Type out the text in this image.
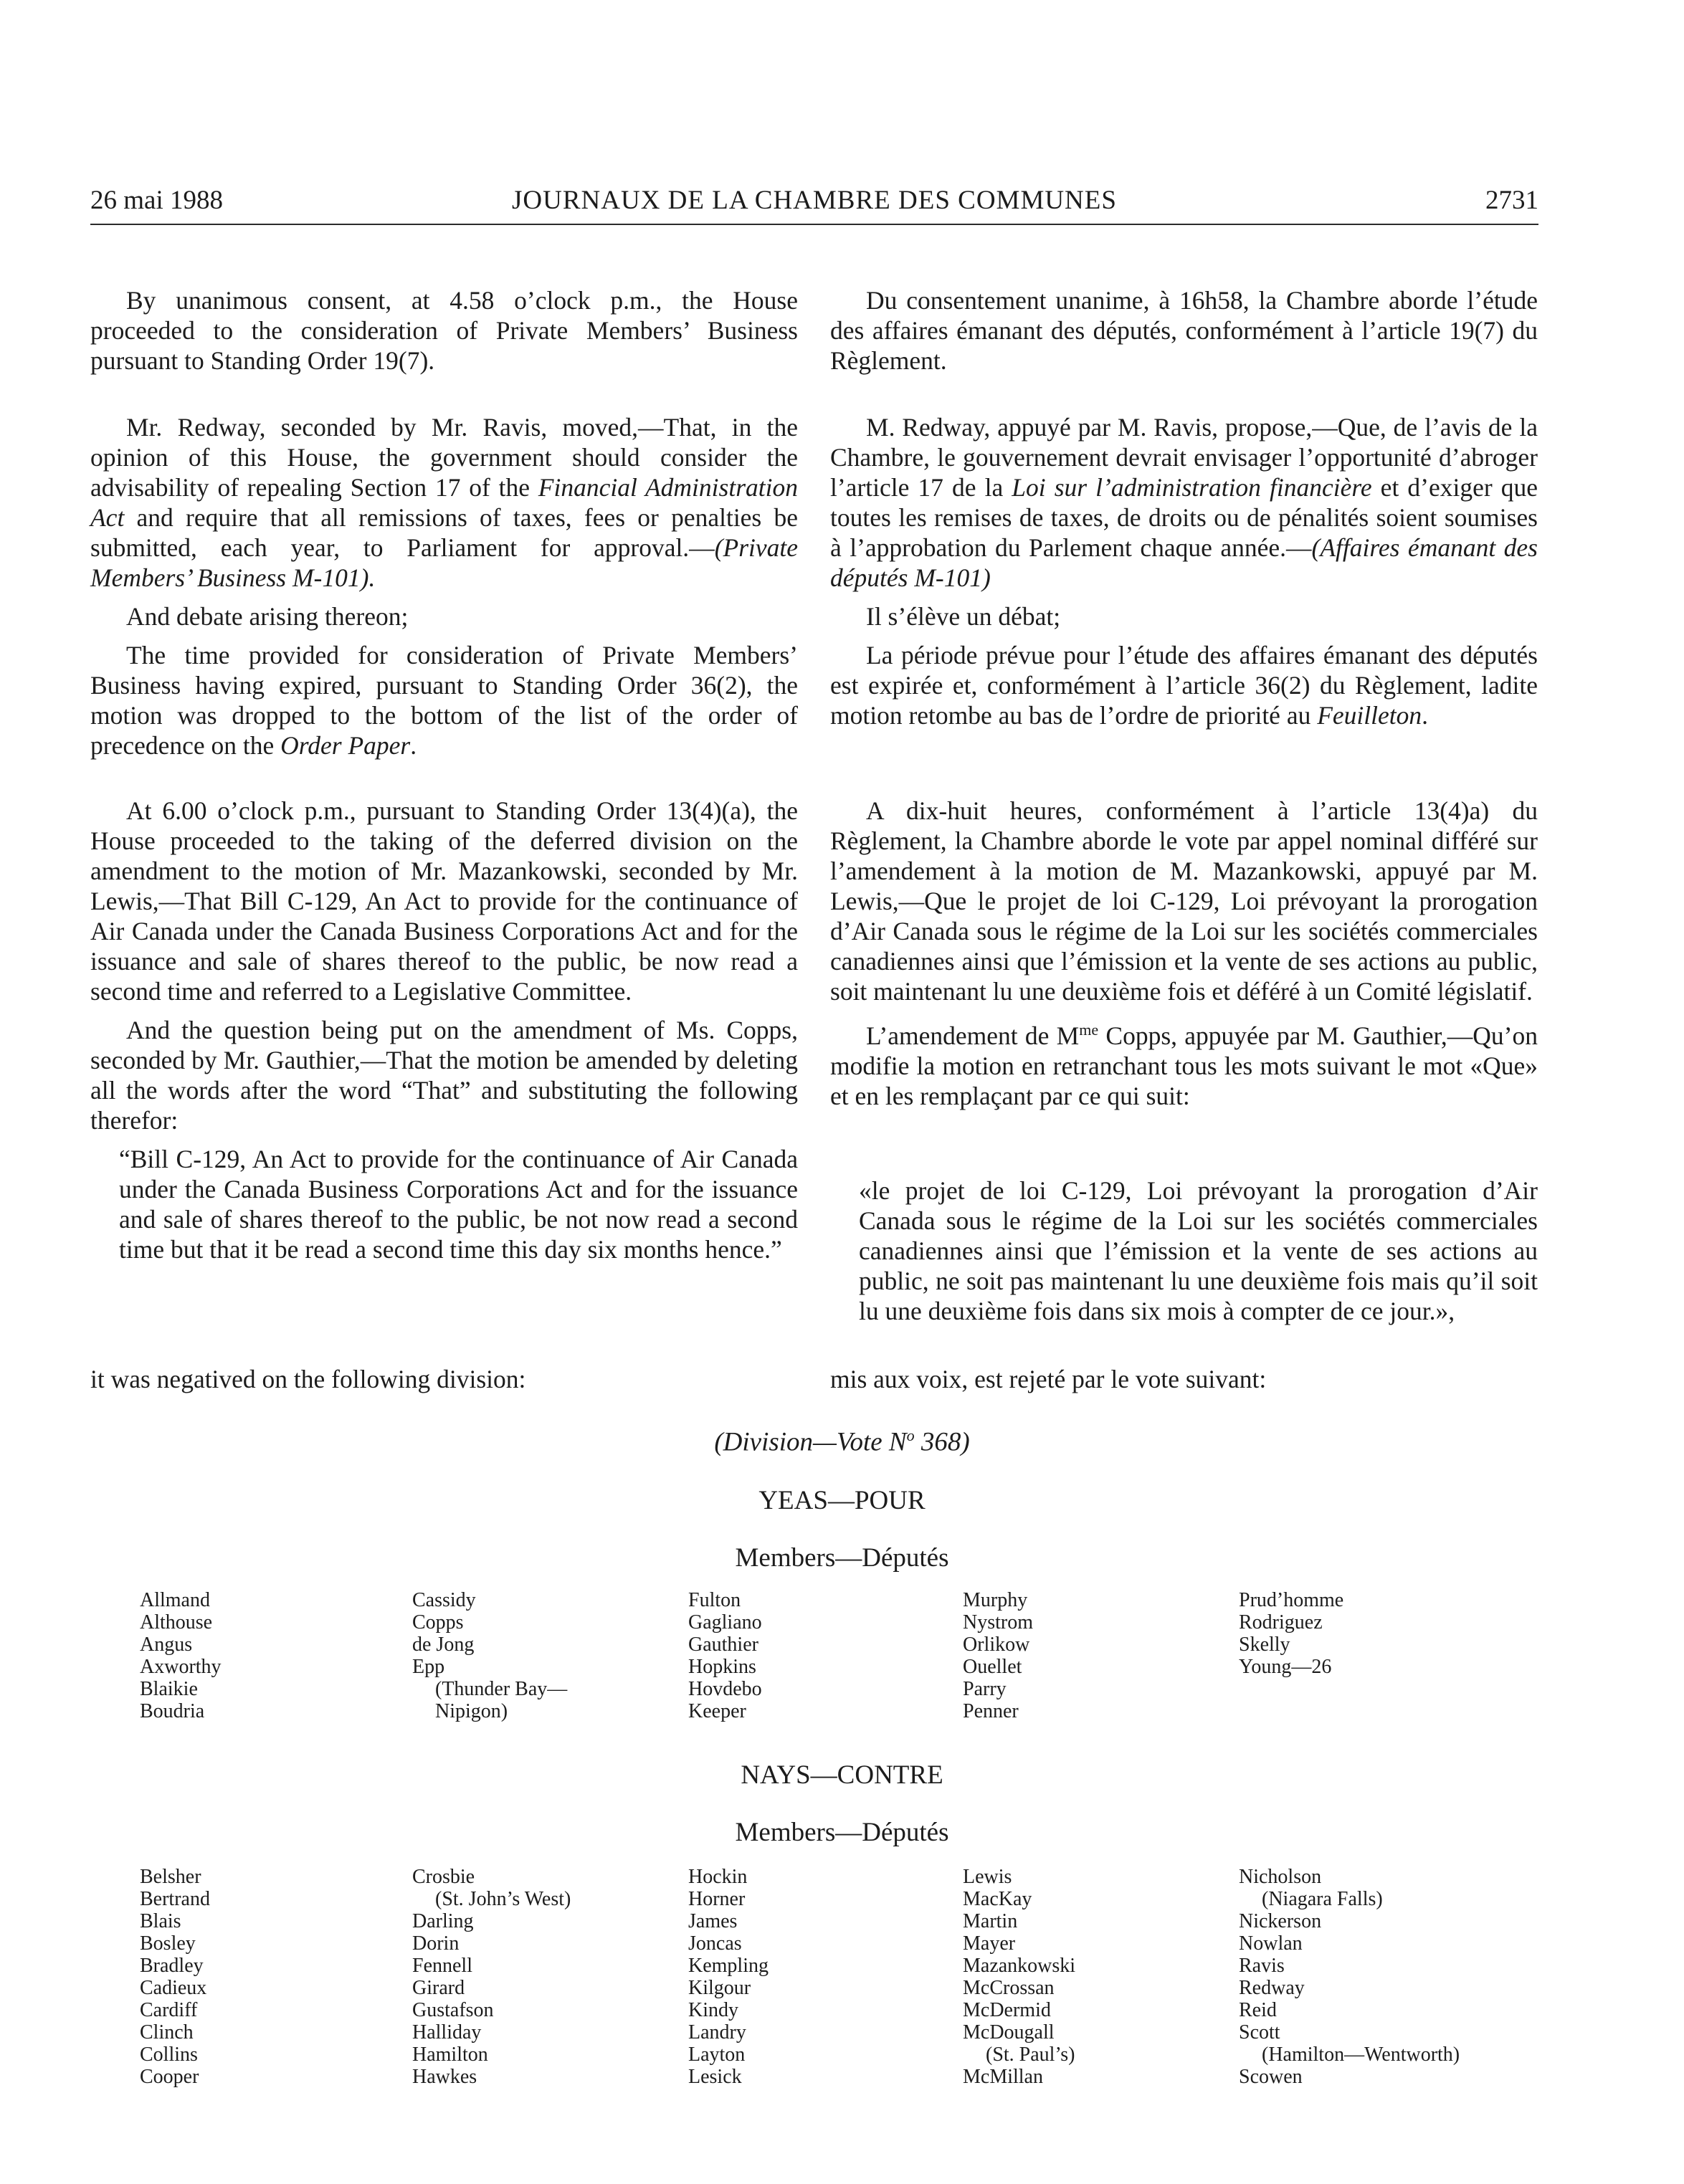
26 mai 1988	JOURNAUX DE LA CHAMBRE DES COMMUNES	2731

By unanimous consent, at 4.58 o’clock p.m., the House proceeded to the consideration of Private Members’ Business pursuant to Standing Order 19(7).

Mr. Redway, seconded by Mr. Ravis, moved,—That, in the opinion of this House, the government should consider the advisability of repealing Section 17 of the Financial Administration Act and require that all remissions of taxes, fees or penalties be submitted, each year, to Parliament for approval.—(Private Members’ Business M-101).

And debate arising thereon;

The time provided for consideration of Private Members’ Business having expired, pursuant to Standing Order 36(2), the motion was dropped to the bottom of the list of the order of precedence on the Order Paper.

At 6.00 o’clock p.m., pursuant to Standing Order 13(4)(a), the House proceeded to the taking of the deferred division on the amendment to the motion of Mr. Mazankowski, seconded by Mr. Lewis,—That Bill C-129, An Act to provide for the continuance of Air Canada under the Canada Business Corporations Act and for the issuance and sale of shares thereof to the public, be now read a second time and referred to a Legislative Committee.

And the question being put on the amendment of Ms. Copps, seconded by Mr. Gauthier,—That the motion be amended by deleting all the words after the word “That” and substituting the following therefor:

“Bill C-129, An Act to provide for the continuance of Air Canada under the Canada Business Corporations Act and for the issuance and sale of shares thereof to the public, be not now read a second time but that it be read a second time this day six months hence.”

it was negatived on the following division:

Du consentement unanime, à 16h58, la Chambre aborde l’étude des affaires émanant des députés, conformément à l’article 19(7) du Règlement.

M. Redway, appuyé par M. Ravis, propose,—Que, de l’avis de la Chambre, le gouvernement devrait envisager l’opportunité d’abroger l’article 17 de la Loi sur l’administration financière et d’exiger que toutes les remises de taxes, de droits ou de pénalités soient soumises à l’approbation du Parlement chaque année.—(Affaires émanant des députés M-101)

Il s’élève un débat;

La période prévue pour l’étude des affaires émanant des députés est expirée et, conformément à l’article 36(2) du Règlement, ladite motion retombe au bas de l’ordre de priorité au Feuilleton.

A dix-huit heures, conformément à l’article 13(4)a) du Règlement, la Chambre aborde le vote par appel nominal différé sur l’amendement à la motion de M. Mazankowski, appuyé par M. Lewis,—Que le projet de loi C-129, Loi prévoyant la prorogation d’Air Canada sous le régime de la Loi sur les sociétés commerciales canadiennes ainsi que l’émission et la vente de ses actions au public, soit maintenant lu une deuxième fois et déféré à un Comité législatif.

L’amendement de $M^{me}$ Copps, appuyée par M. Gauthier,—Qu’on modifie la motion en retranchant tous les mots suivant le mot «Que» et en les remplaçant par ce qui suit:

«le projet de loi C-129, Loi prévoyant la prorogation d’Air Canada sous le régime de la Loi sur les sociétés commerciales canadiennes ainsi que l’émission et la vente de ses actions au public, ne soit pas maintenant lu une deuxième fois mais qu’il soit lu une deuxième fois dans six mois à compter de ce jour.»,

mis aux voix, est rejeté par le vote suivant:

(Division—Vote $N^o$ 368)
YEAS—POUR
Members—Députés
Allmand
Althouse
Angus
Axworthy
Blaikie
Boudria
Cassidy
Copps
de Jong
Epp
(Thunder Bay—
Nipigon)
Fulton
Gagliano
Gauthier
Hopkins
Hovdebo
Keeper
Murphy
Nystrom
Orlikow
Ouellet
Parry
Penner
Prud’homme
Rodriguez
Skelly
Young—26
NAYS—CONTRE
Members—Députés
Belsher
Bertrand
Blais
Bosley
Bradley
Cadieux
Cardiff
Clinch
Collins
Cooper
Crosbie
(St. John’s West)
Darling
Dorin
Fennell
Girard
Gustafson
Halliday
Hamilton
Hawkes
Hockin
Horner
James
Joncas
Kempling
Kilgour
Kindy
Landry
Layton
Lesick
Lewis
MacKay
Martin
Mayer
Mazankowski
McCrossan
McDermid
McDougall
(St. Paul’s)
McMillan
Nicholson
(Niagara Falls)
Nickerson
Nowlan
Ravis
Redway
Reid
Scott
(Hamilton—Wentworth)
Scowen
